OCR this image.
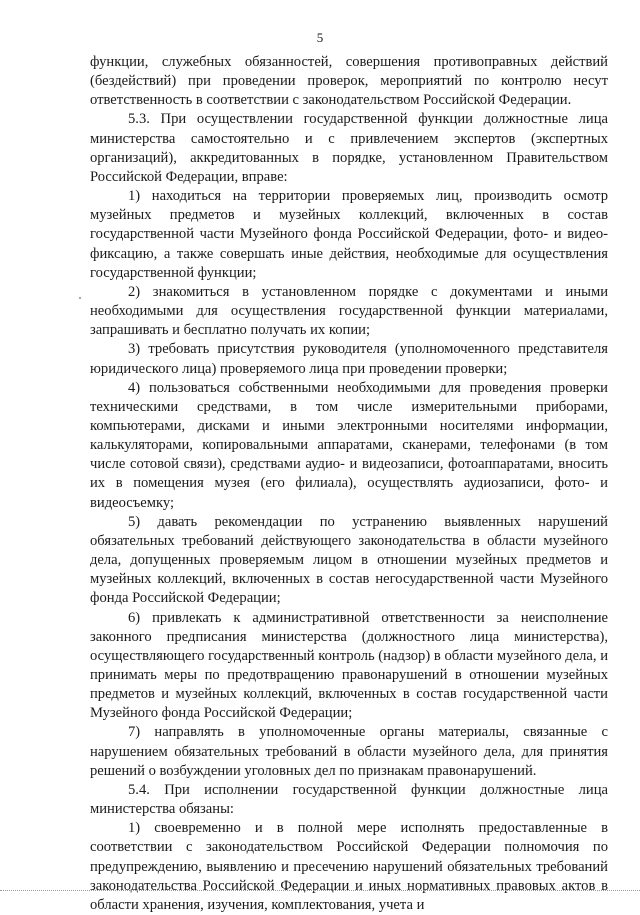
5

функции, служебных обязанностей, совершения противоправных действий (бездействий) при проведении проверок, мероприятий по контролю несут ответственность в соответствии с законодательством Российской Федерации.

5.3. При осуществлении государственной функции должностные лица министерства самостоятельно и с привлечением экспертов (экспертных организаций), аккредитованных в порядке, установленном Правительством Российской Федерации, вправе:

1) находиться на территории проверяемых лиц, производить осмотр музейных предметов и музейных коллекций, включенных в состав государственной части Музейного фонда Российской Федерации, фото- и видео-фиксацию, а также совершать иные действия, необходимые для осуществления государственной функции;

2) знакомиться в установленном порядке с документами и иными необходимыми для осуществления государственной функции материалами, запрашивать и бесплатно получать их копии;

3) требовать присутствия руководителя (уполномоченного представителя юридического лица) проверяемого лица при проведении проверки;

4) пользоваться собственными необходимыми для проведения проверки техническими средствами, в том числе измерительными приборами, компьютерами, дисками и иными электронными носителями информации, калькуляторами, копировальными аппаратами, сканерами, телефонами (в том числе сотовой связи), средствами аудио- и видеозаписи, фотоаппаратами, вносить их в помещения музея (его филиала), осуществлять аудиозаписи, фото- и видеосъемку;

5) давать рекомендации по устранению выявленных нарушений обязательных требований действующего законодательства в области музейного дела, допущенных проверяемым лицом в отношении музейных предметов и музейных коллекций, включенных в состав негосударственной части Музейного фонда Российской Федерации;

6) привлекать к административной ответственности за неисполнение законного предписания министерства (должностного лица министерства), осуществляющего государственный контроль (надзор) в области музейного дела, и принимать меры по предотвращению правонарушений в отношении музейных предметов и музейных коллекций, включенных в состав государственной части Музейного фонда Российской Федерации;

7) направлять в уполномоченные органы материалы, связанные с нарушением обязательных требований в области музейного дела, для принятия решений о возбуждении уголовных дел по признакам правонарушений.

5.4. При исполнении государственной функции должностные лица министерства обязаны:

1) своевременно и в полной мере исполнять предоставленные в соответствии с законодательством Российской Федерации полномочия по предупреждению, выявлению и пресечению нарушений обязательных требований законодательства Российской Федерации и иных нормативных правовых актов в области хранения, изучения, комплектования, учета и
